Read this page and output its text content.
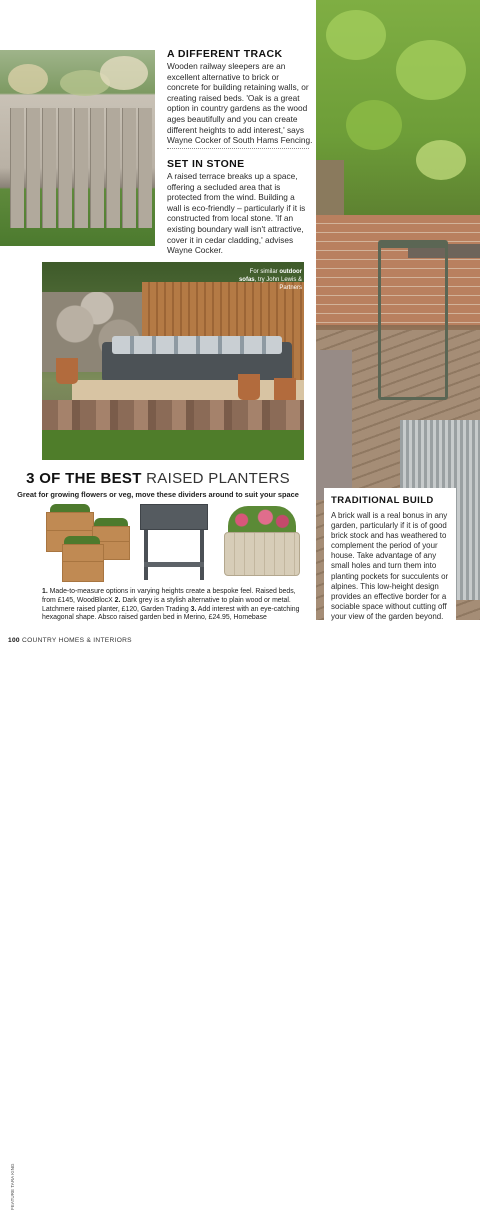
A DIFFERENT TRACK
Wooden railway sleepers are an excellent alternative to brick or concrete for building retaining walls, or creating raised beds. 'Oak is a great option in country gardens as the wood ages beautifully and you can create different heights to add interest,' says Wayne Cocker of South Hams Fencing.
SET IN STONE
A raised terrace breaks up a space, offering a secluded area that is protected from the wind. Building a wall is eco-friendly – particularly if it is constructed from local stone. 'If an existing boundary wall isn't attractive, cover it in cedar cladding,' advises Wayne Cocker.
For similar outdoor sofas, try John Lewis & Partners
3 OF THE BEST RAISED PLANTERS
Great for growing flowers or veg, move these dividers around to suit your space
FEATURE TARA KING
1. Made-to-measure options in varying heights create a bespoke feel. Raised beds, from £145, WoodBlocX 2. Dark grey is a stylish alternative to plain wood or metal. Latchmere raised planter, £120, Garden Trading 3. Add interest with an eye-catching hexagonal shape. Absco raised garden bed in Merino, £24.95, Homebase
TRADITIONAL BUILD
A brick wall is a real bonus in any garden, particularly if it is of good brick stock and has weathered to complement the period of your house. Take advantage of any small holes and turn them into planting pockets for succulents or alpines. This low-height design provides an effective border for a sociable space without cutting off your view of the garden beyond.
100 COUNTRY HOMES & INTERIORS
